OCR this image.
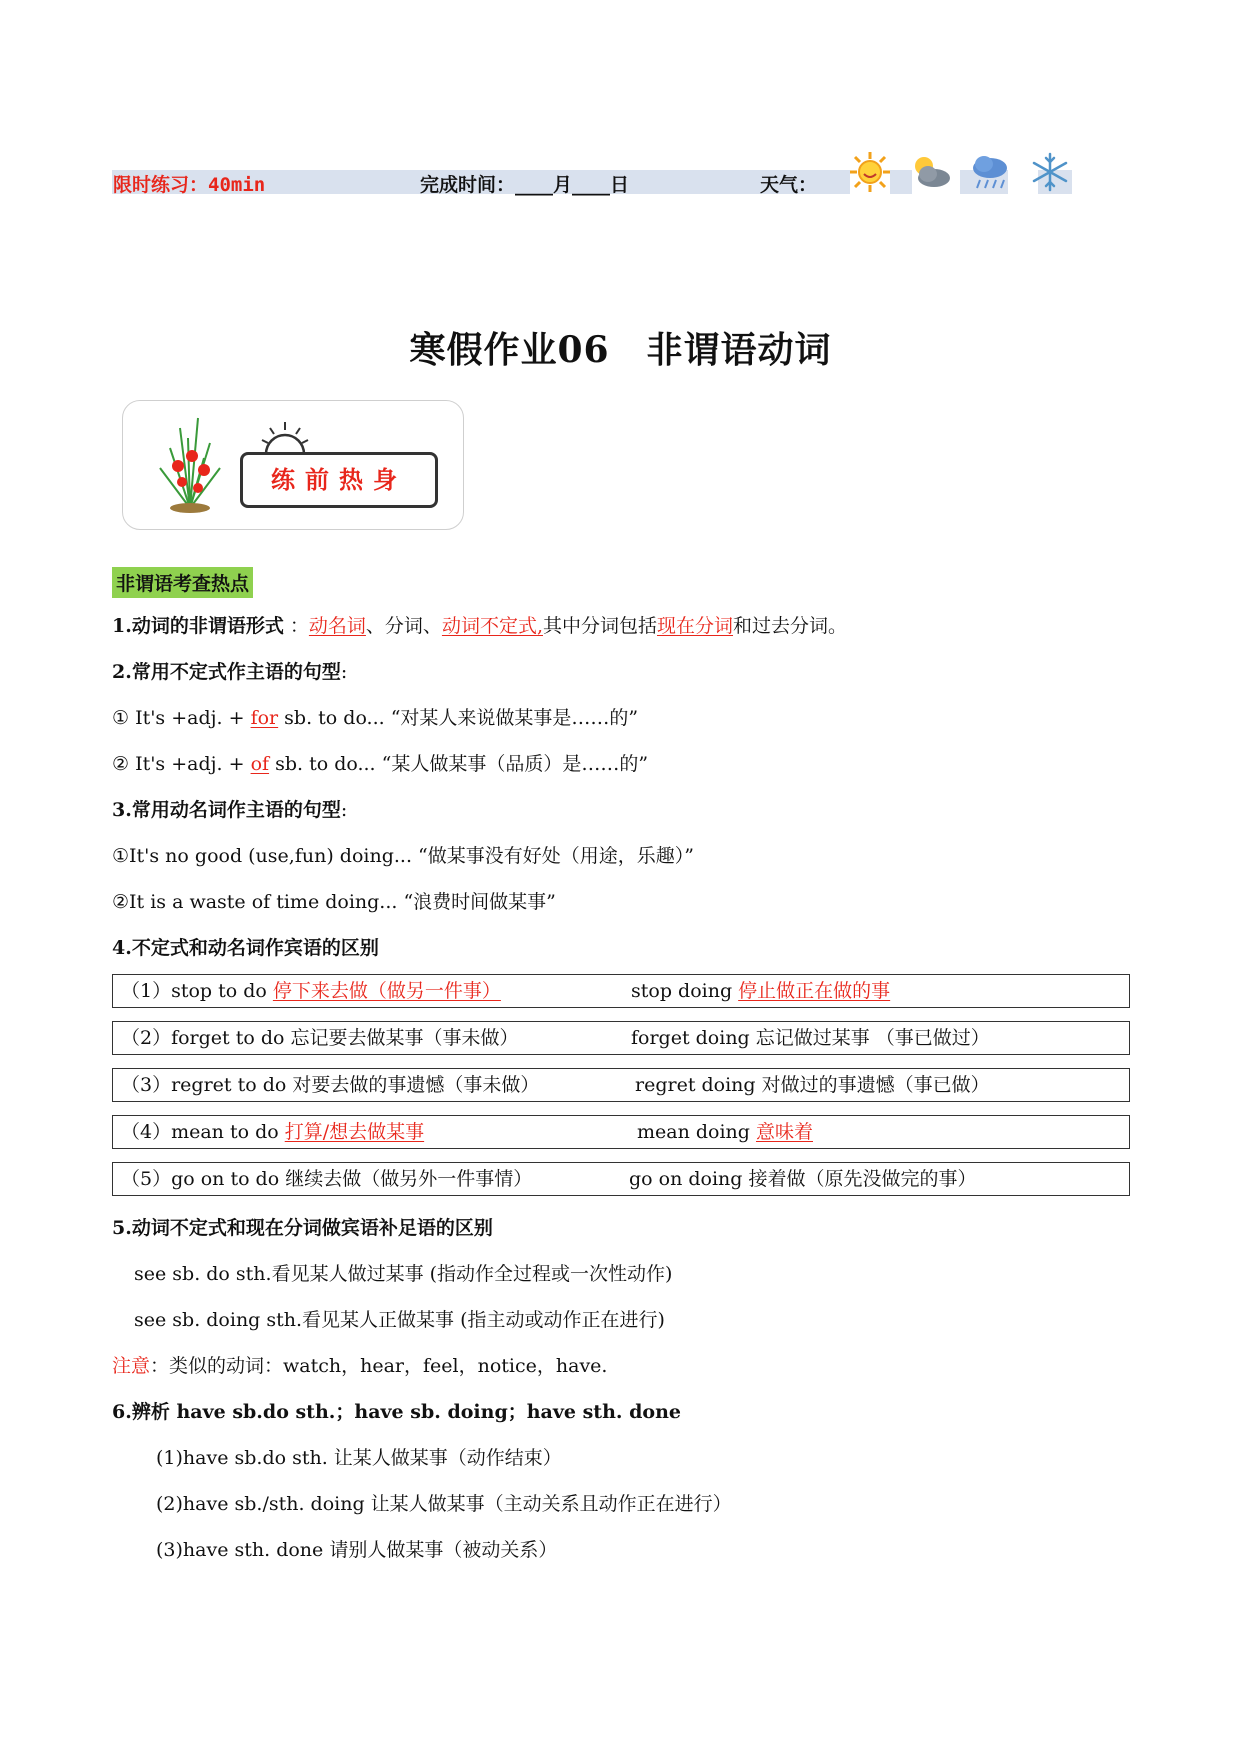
限时练习：40min	完成时间：____月____日	天气：
寒假作业06　非谓语动词
练前热身
非谓语考查热点
1.动词的非谓语形式 ：动名词、分词、动词不定式,其中分词包括现在分词和过去分词。
2.常用不定式作主语的句型:
① It's +adj. + for sb. to do... “对某人来说做某事是……的”
② It's +adj. + of sb. to do... “某人做某事（品质）是……的”
3.常用动名词作主语的句型:
①It's no good (use,fun) doing... “做某事没有好处（用途，乐趣）”
②It is a waste of time doing... “浪费时间做某事”
4.不定式和动名词作宾语的区别
（1）stop to do 停下来去做（做另一件事）	stop doing 停止做正在做的事
（2）forget to do 忘记要去做某事（事未做）	forget doing 忘记做过某事 （事已做过）
（3）regret to do 对要去做的事遗憾（事未做）	regret doing 对做过的事遗憾（事已做）
（4）mean to do 打算/想去做某事	mean doing 意味着
（5）go on to do 继续去做（做另外一件事情）	go on doing 接着做（原先没做完的事）
5.动词不定式和现在分词做宾语补足语的区别
see sb. do sth.看见某人做过某事 (指动作全过程或一次性动作)
see sb. doing sth.看见某人正做某事 (指主动或动作正在进行)
注意：类似的动词：watch，hear，feel，notice，have.
6.辨析 have sb.do sth.；have sb. doing；have sth. done
(1)have sb.do sth. 让某人做某事（动作结束）
(2)have sb./sth. doing 让某人做某事（主动关系且动作正在进行）
(3)have sth. done 请别人做某事（被动关系）
